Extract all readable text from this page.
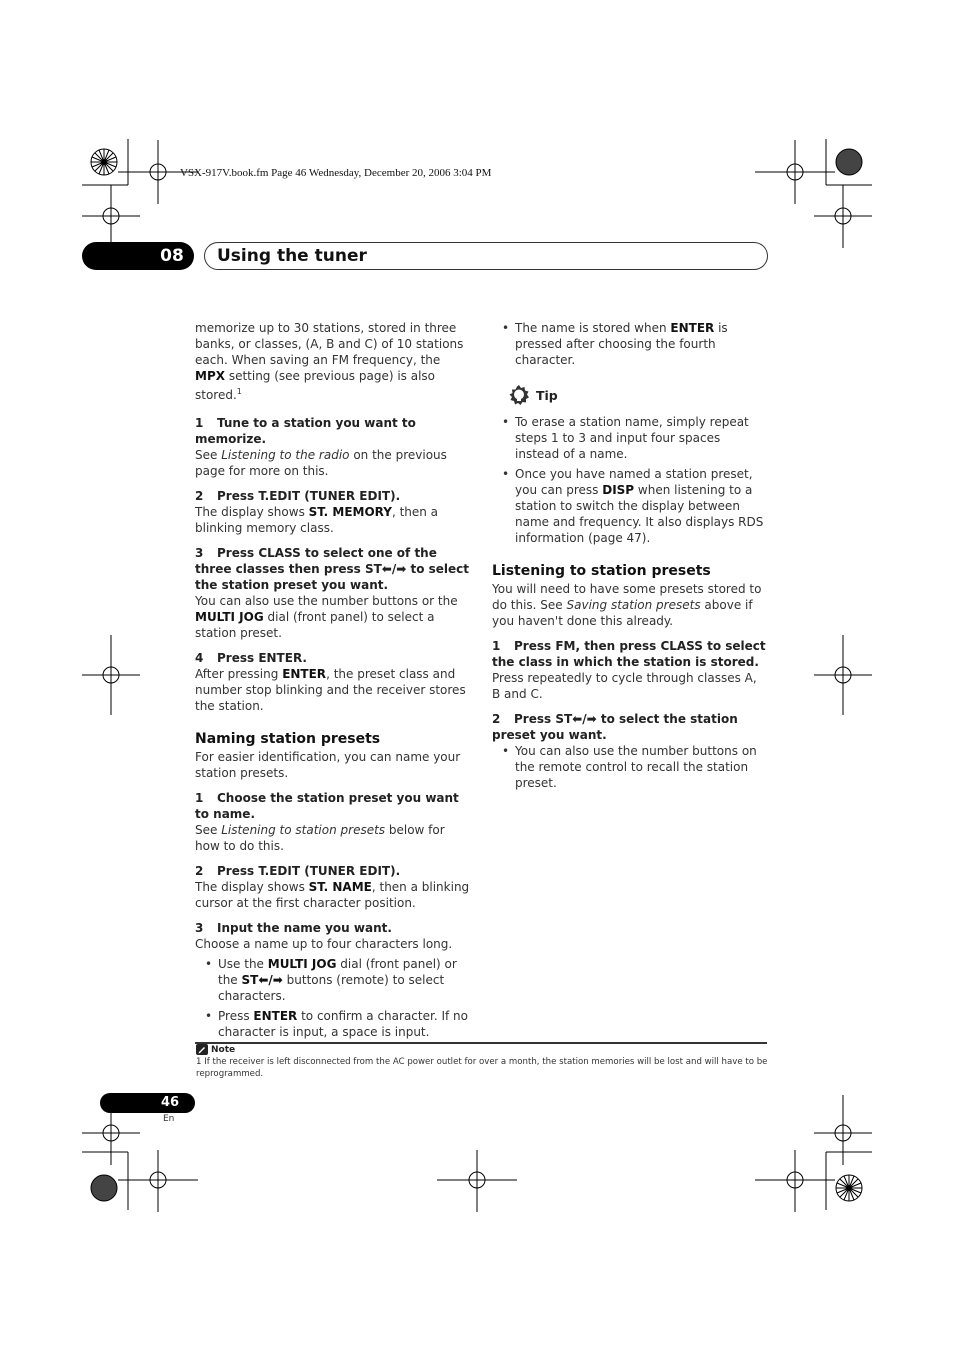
VSX-917V.book.fm Page 46 Wednesday, December 20, 2006 3:04 PM
08	Using the tuner

memorize up to 30 stations, stored in three banks, or classes, (A, B and C) of 10 stations each. When saving an FM frequency, the MPX setting (see previous page) is also stored.$^1$

1 Tune to a station you want to memorize.

See Listening to the radio on the previous page for more on this.

2 Press T.EDIT (TUNER EDIT).

The display shows ST. MEMORY, then a blinking memory class.

3 Press CLASS to select one of the three classes then press ST⬅/➡ to select the station preset you want.

You can also use the number buttons or the MULTI JOG dial (front panel) to select a station preset.

4 Press ENTER.

After pressing ENTER, the preset class and number stop blinking and the receiver stores the station.

Naming station presets

For easier identification, you can name your station presets.

1 Choose the station preset you want to name.

See Listening to station presets below for how to do this.

2 Press T.EDIT (TUNER EDIT).

The display shows ST. NAME, then a blinking cursor at the first character position.

3 Input the name you want.

Choose a name up to four characters long.

• Use the MULTI JOG dial (front panel) or the ST⬅/➡ buttons (remote) to select characters.

• Press ENTER to confirm a character. If no character is input, a space is input.

• The name is stored when ENTER is pressed after choosing the fourth character.

Tip

• To erase a station name, simply repeat steps 1 to 3 and input four spaces instead of a name.

• Once you have named a station preset, you can press DISP when listening to a station to switch the display between name and frequency. It also displays RDS information (page 47).

Listening to station presets

You will need to have some presets stored to do this. See Saving station presets above if you haven't done this already.

1 Press FM, then press CLASS to select the class in which the station is stored.

Press repeatedly to cycle through classes A, B and C.

2 Press ST⬅/➡ to select the station preset you want.

• You can also use the number buttons on the remote control to recall the station preset.

Note
1 If the receiver is left disconnected from the AC power outlet for over a month, the station memories will be lost and will have to be reprogrammed.
46
En
